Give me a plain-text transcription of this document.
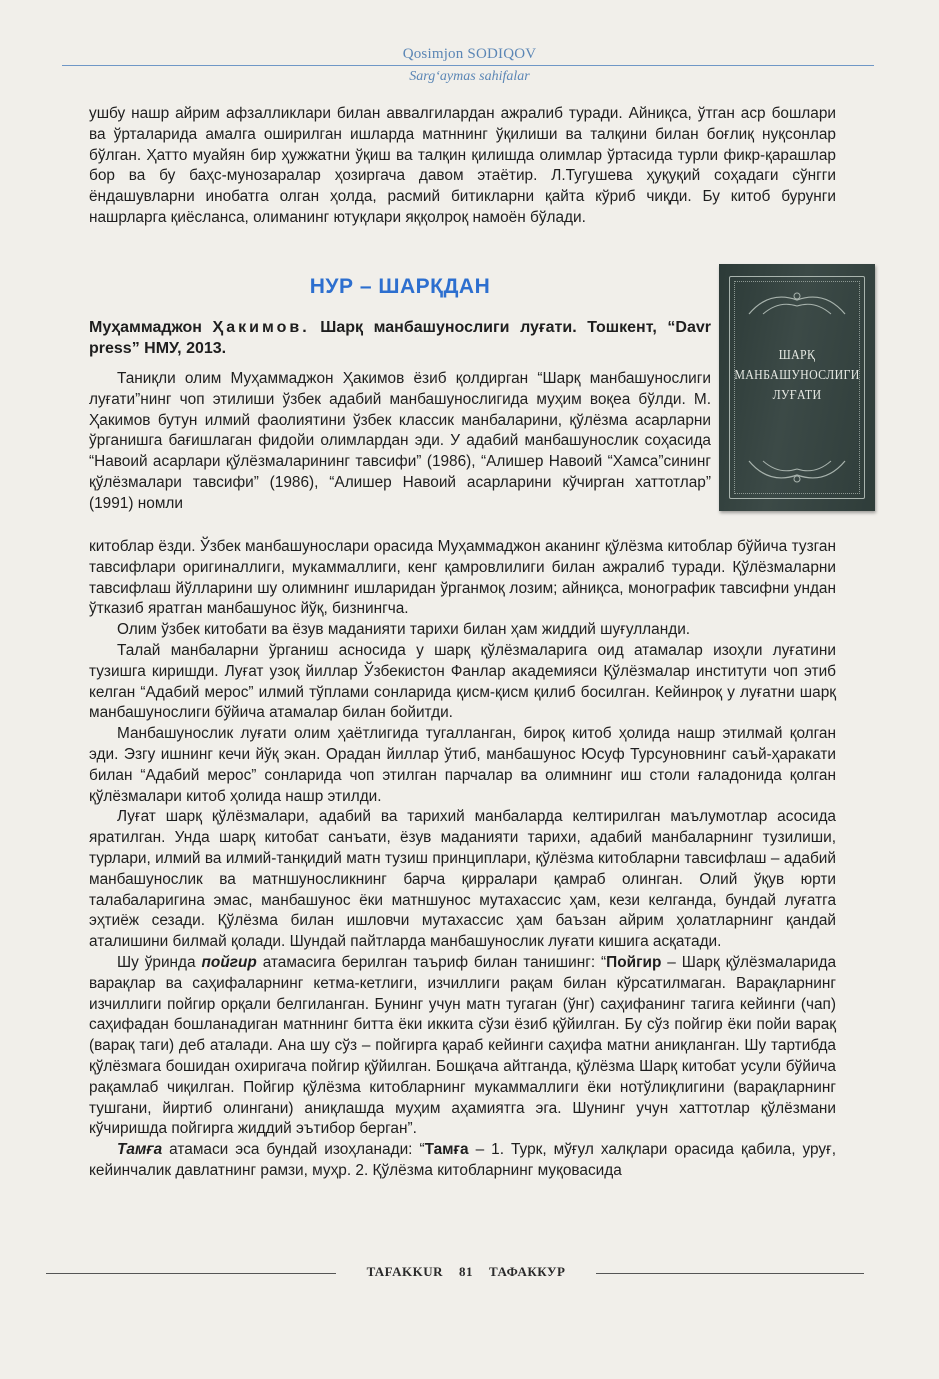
Qosimjon SODIQOV
Sarg‘aymas sahifalar

ушбу нашр айрим афзалликлари билан аввалгилардан ажралиб туради. Айниқса, ўтган аср бошлари ва ўрталарида амалга оширилган ишларда матннинг ўқилиши ва талқини билан боғлиқ нуқсонлар бўлган. Ҳатто муайян бир ҳужжатни ўқиш ва талқин қилишда олимлар ўртасида турли фикр-қарашлар бор ва бу баҳс-мунозаралар ҳозиргача давом этаётир. Л.Тугушева ҳуқуқий соҳадаги сўнгги ёндашувларни инобатга олган ҳолда, расмий битикларни қайта кўриб чиқди. Бу китоб бурунги нашрларга қиёсланса, олиманинг ютуқлари яққолроқ намоён бўлади.

НУР – ШАРҚДАН
Муҳаммаджон Ҳакимов. Шарқ манбашунослиги луғати. Тошкент, “Davr press” НМУ, 2013.	ШАРҚ
МАНБАШУНОСЛИГИ
ЛУҒАТИ

Таниқли олим Муҳаммаджон Ҳакимов ёзиб қолдирган “Шарқ манбашунослиги луғати”нинг чоп этилиши ўзбек адабий манбашунослигида муҳим воқеа бўлди. М. Ҳакимов бутун илмий фаолиятини ўзбек классик манбаларини, қўлёзма асарларни ўрганишга бағишлаган фидойи олимлардан эди. У адабий манбашунослик соҳасида “Навоий асарлари қўлёзмаларининг тавсифи” (1986), “Алишер Навоий “Хамса”сининг қўлёзмалари тавсифи” (1986), “Алишер Навоий асарларини кўчирган хаттотлар” (1991) номли

китоблар ёзди. Ўзбек манбашунослари орасида Муҳаммаджон аканинг қўлёзма китоблар бўйича тузган тавсифлари оригиналлиги, мукаммаллиги, кенг қамровлилиги билан ажралиб туради. Қўлёзмаларни тавсифлаш йўлларини шу олимнинг ишларидан ўрганмоқ лозим; айниқса, монографик тавсифни ундан ўтказиб яратган манбашунос йўқ, бизнингча.

Олим ўзбек китобати ва ёзув маданияти тарихи билан ҳам жиддий шуғулланди.

Талай манбаларни ўрганиш асносида у шарқ қўлёзмаларига оид атамалар изоҳли луғатини тузишга киришди. Луғат узоқ йиллар Ўзбекистон Фанлар академияси Қўлёзмалар институти чоп этиб келган “Адабий мерос” илмий тўплами сонларида қисм-қисм қилиб босилган. Кейинроқ у луғатни шарқ манбашунослиги бўйича атамалар билан бойитди.

Манбашунослик луғати олим ҳаётлигида тугалланган, бироқ китоб ҳолида нашр этилмай қолган эди. Эзгу ишнинг кечи йўқ экан. Орадан йиллар ўтиб, манбашунос Юсуф Турсуновнинг саъй-ҳаракати билан “Адабий мерос” сонларида чоп этилган парчалар ва олимнинг иш столи ғаладонида қолган қўлёзмалари китоб ҳолида нашр этилди.

Луғат шарқ қўлёзмалари, адабий ва тарихий манбаларда келтирилган маълумотлар асосида яратилган. Унда шарқ китобат санъати, ёзув маданияти тарихи, адабий манбаларнинг тузилиши, турлари, илмий ва илмий-танқидий матн тузиш принциплари, қўлёзма китобларни тавсифлаш – адабий манбашунослик ва матншуносликнинг барча қирралари қамраб олинган. Олий ўқув юрти талабаларигина эмас, манбашунос ёки матншунос мутахассис ҳам, кези келганда, бундай луғатга эҳтиёж сезади. Қўлёзма билан ишловчи мутахассис ҳам баъзан айрим ҳолатларнинг қандай аталишини билмай қолади. Шундай пайтларда манбашунослик луғати кишига асқатади.

Шу ўринда пойгир атамасига берилган таъриф билан танишинг: “Пойгир – Шарқ қўлёзмаларида варақлар ва саҳифаларнинг кетма-кетлиги, изчиллиги рақам билан кўрсатилмаган. Варақларнинг изчиллиги пойгир орқали белгиланган. Бунинг учун матн тугаган (ўнг) саҳифанинг тагига кейинги (чап) саҳифадан бошланадиган матннинг битта ёки иккита сўзи ёзиб қўйилган. Бу сўз пойгир ёки пойи варақ (варақ таги) деб аталади. Ана шу сўз – пойгирга қараб кейинги саҳифа матни аниқланган. Шу тартибда қўлёзмага бошидан охиригача пойгир қўйилган. Бошқача айтганда, қўлёзма Шарқ китобат усули бўйича рақамлаб чиқилган. Пойгир қўлёзма китобларнинг мукаммаллиги ёки нотўлиқлигини (варақларнинг тушгани, йиртиб олингани) аниқлашда муҳим аҳамиятга эга. Шунинг учун хаттотлар қўлёзмани кўчиришда пойгирга жиддий эътибор берган”.

Тамға атамаси эса бундай изоҳланади: “Тамға – 1. Турк, мўғул халқлари орасида қабила, уруғ, кейинчалик давлатнинг рамзи, муҳр. 2. Қўлёзма китобларнинг муқовасида

TAFAKKUR 81 ТАФАККУР
